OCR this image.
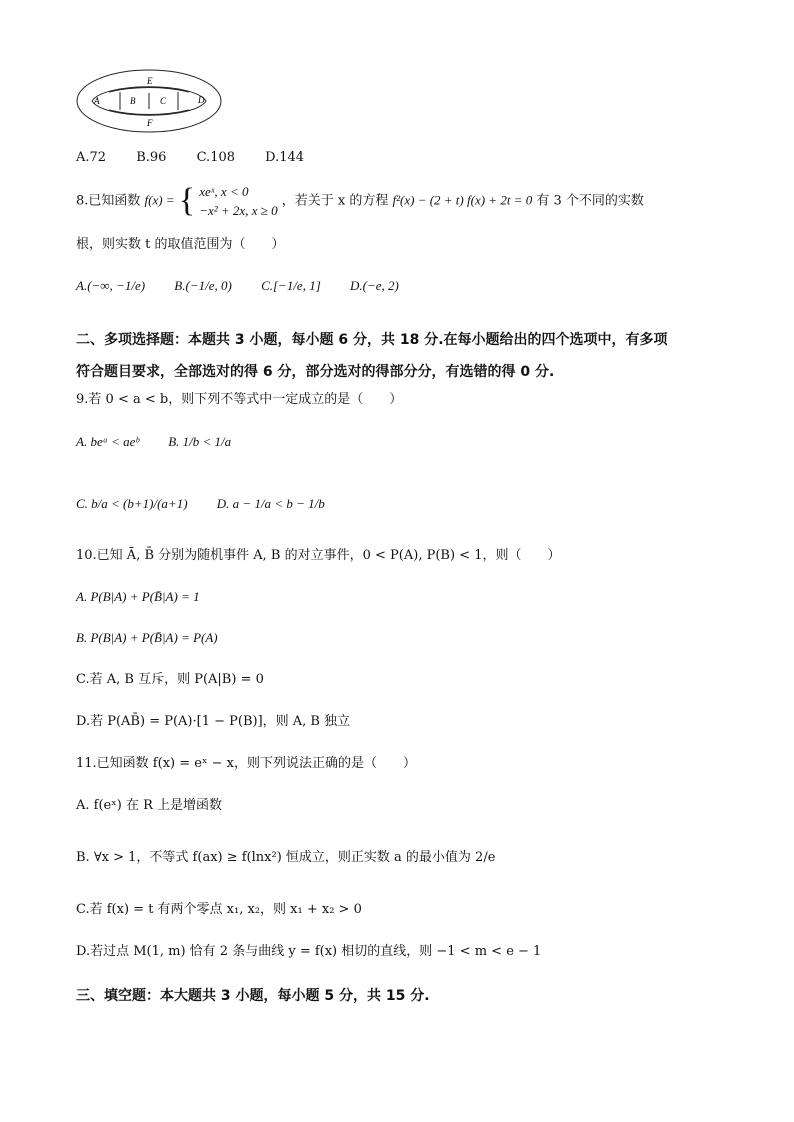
E
A	B	C	D
F
A.72 B.96 C.108 D.144
8.已知函数 f(x) = { xeˣ, x < 0
−x² + 2x, x ≥ 0
，若关于 x 的方程 f²(x) − (2 + t) f(x) + 2t = 0 有 3 个不同的实数
根，则实数 t 的取值范围为（　　）
A.(−∞, −1/e) B.(−1/e, 0) C.[−1/e, 1] D.(−e, 2)
二、多项选择题：本题共 3 小题，每小题 6 分，共 18 分.在每小题给出的四个选项中，有多项
符合题目要求，全部选对的得 6 分，部分选对的得部分分，有选错的得 0 分.
9.若 0 < a < b，则下列不等式中一定成立的是（　　）
A. beᵃ < aeᵇ B. 1/b < 1/a
C. b/a < (b+1)/(a+1) D. a − 1/a < b − 1/b
10.已知 Ā, B̄ 分别为随机事件 A, B 的对立事件，0 < P(A), P(B) < 1，则（　　）
A. P(B|A) + P(B̄|A) = 1
B. P(B|A) + P(B̄|A) = P(A)
C.若 A, B 互斥，则 P(A|B) = 0
D.若 P(AB̄) = P(A)·[1 − P(B)]，则 A, B 独立
11.已知函数 f(x) = eˣ − x，则下列说法正确的是（　　）
A. f(eˣ) 在 R 上是增函数
B. ∀x > 1，不等式 f(ax) ≥ f(lnx²) 恒成立，则正实数 a 的最小值为 2/e
C.若 f(x) = t 有两个零点 x₁, x₂，则 x₁ + x₂ > 0
D.若过点 M(1, m) 恰有 2 条与曲线 y = f(x) 相切的直线，则 −1 < m < e − 1
三、填空题：本大题共 3 小题，每小题 5 分，共 15 分.
